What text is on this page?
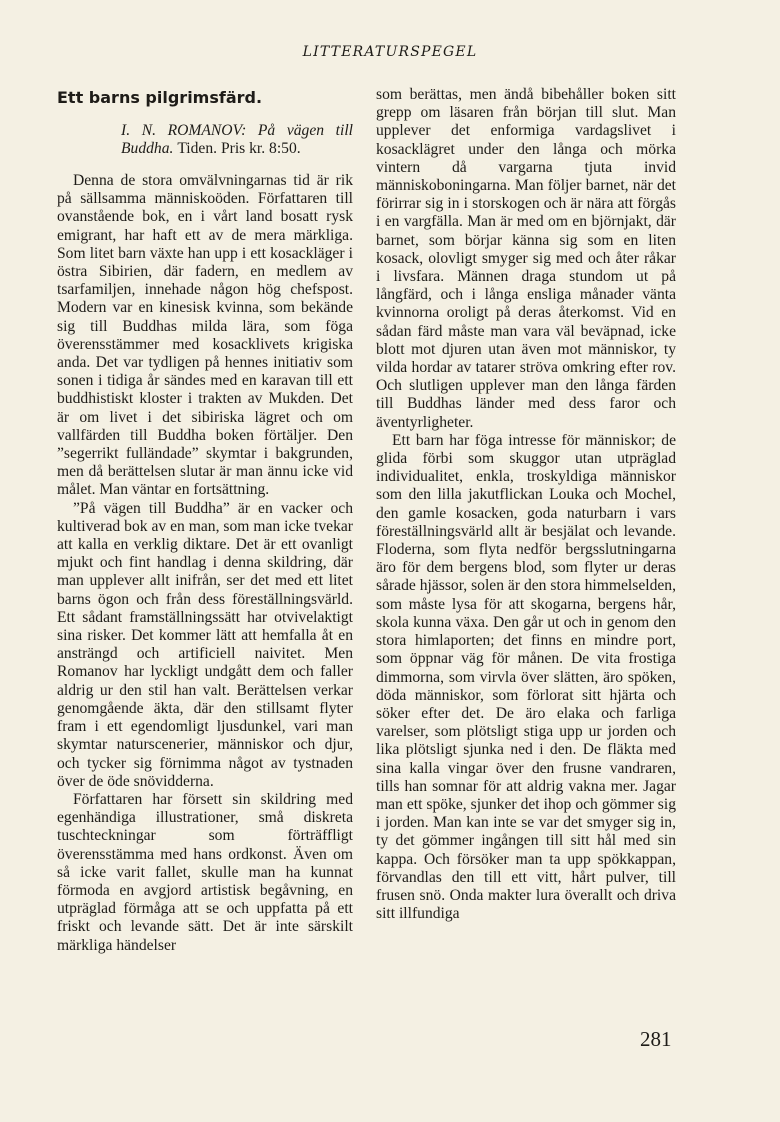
LITTERATURSPEGEL
Ett barns pilgrimsfärd.
I. N. ROMANOV: På vägen till Buddha. Tiden. Pris kr. 8:50.

Denna de stora omvälvningarnas tid är rik på sällsamma människoöden. Författaren till ovanstående bok, en i vårt land bosatt rysk emigrant, har haft ett av de mera märkliga. Som litet barn växte han upp i ett kosackläger i östra Sibirien, där fadern, en medlem av tsarfamiljen, innehade någon hög chefspost. Modern var en kinesisk kvinna, som bekände sig till Buddhas milda lära, som föga överensstämmer med kosacklivets krigiska anda. Det var tydligen på hennes initiativ som sonen i tidiga år sändes med en karavan till ett buddhistiskt kloster i trakten av Mukden. Det är om livet i det sibiriska lägret och om vallfärden till Buddha boken förtäljer. Den ”segerrikt fulländade” skymtar i bakgrunden, men då berättelsen slutar är man ännu icke vid målet. Man väntar en fortsättning.

”På vägen till Buddha” är en vacker och kultiverad bok av en man, som man icke tvekar att kalla en verklig diktare. Det är ett ovanligt mjukt och fint handlag i denna skildring, där man upplever allt inifrån, ser det med ett litet barns ögon och från dess föreställningsvärld. Ett sådant framställningssätt har otvivelaktigt sina risker. Det kommer lätt att hemfalla åt en ansträngd och artificiell naivitet. Men Romanov har lyckligt undgått dem och faller aldrig ur den stil han valt. Berättelsen verkar genomgående äkta, där den stillsamt flyter fram i ett egendomligt ljusdunkel, vari man skymtar naturscenerier, människor och djur, och tycker sig förnimma något av tystnaden över de öde snövidderna.

Författaren har försett sin skildring med egenhändiga illustrationer, små diskreta tuschteckningar som förträffligt överensstämma med hans ordkonst. Även om så icke varit fallet, skulle man ha kunnat förmoda en avgjord artistisk begåvning, en utpräglad förmåga att se och uppfatta på ett friskt och levande sätt. Det är inte särskilt märkliga händelser

som berättas, men ändå bibehåller boken sitt grepp om läsaren från början till slut. Man upplever det enformiga vardagslivet i kosacklägret under den långa och mörka vintern då vargarna tjuta invid människoboningarna. Man följer barnet, när det förirrar sig in i storskogen och är nära att förgås i en vargfälla. Man är med om en björnjakt, där barnet, som börjar känna sig som en liten kosack, olovligt smyger sig med och åter råkar i livsfara. Männen draga stundom ut på långfärd, och i långa ensliga månader vänta kvinnorna oroligt på deras återkomst. Vid en sådan färd måste man vara väl beväpnad, icke blott mot djuren utan även mot människor, ty vilda hordar av tatarer ströva omkring efter rov. Och slutligen upplever man den långa färden till Buddhas länder med dess faror och äventyrligheter.

Ett barn har föga intresse för människor; de glida förbi som skuggor utan utpräglad individualitet, enkla, troskyldiga människor som den lilla jakutflickan Louka och Mochel, den gamle kosacken, goda naturbarn i vars föreställningsvärld allt är besjälat och levande. Floderna, som flyta nedför bergsslutningarna äro för dem bergens blod, som flyter ur deras sårade hjässor, solen är den stora himmelselden, som måste lysa för att skogarna, bergens hår, skola kunna växa. Den går ut och in genom den stora himlaporten; det finns en mindre port, som öppnar väg för månen. De vita frostiga dimmorna, som virvla över slätten, äro spöken, döda människor, som förlorat sitt hjärta och söker efter det. De äro elaka och farliga varelser, som plötsligt stiga upp ur jorden och lika plötsligt sjunka ned i den. De fläkta med sina kalla vingar över den frusne vandraren, tills han somnar för att aldrig vakna mer. Jagar man ett spöke, sjunker det ihop och gömmer sig i jorden. Man kan inte se var det smyger sig in, ty det gömmer ingången till sitt hål med sin kappa. Och försöker man ta upp spökkappan, förvandlas den till ett vitt, hårt pulver, till frusen snö. Onda makter lura överallt och driva sitt illfundiga

281
